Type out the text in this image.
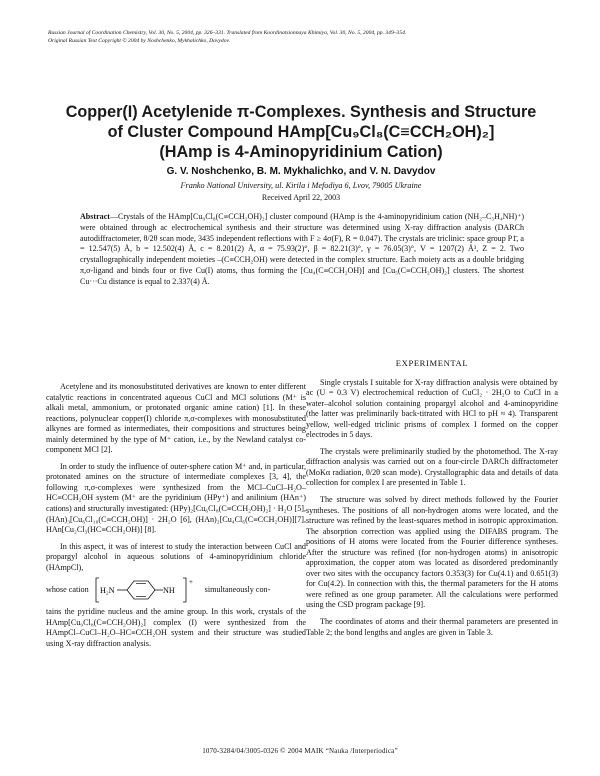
Russian Journal of Coordination Chemistry, Vol. 30, No. 5, 2004, pp. 326–331. Translated from Koordinatsionnaya Khimiya, Vol. 30, No. 5, 2004, pp. 349–354.
Original Russian Text Copyright © 2004 by Noshchenko, Mykhalichko, Davydov.
Copper(I) Acetylenide π-Complexes. Synthesis and Structure
of Cluster Compound HAmp[Cu₉Cl₈(C≡CCH₂OH)₂]
(HAmp is 4-Aminopyridinium Cation)
G. V. Noshchenko, B. M. Mykhalichko, and V. N. Davydov
Franko National University, ul. Kirila i Mefodiya 6, Lvov, 79005 Ukraine
Received April 22, 2003
Abstract—Crystals of the HAmp[Cu₉Cl₈(C≡CCH₂OH)₂] cluster compound (HAmp is the 4-aminopyridinium cation (NH₂–C₅H₄NH)⁺) were obtained through ac electrochemical synthesis and their structure was determined using X-ray diffraction analysis (DARCh autodiffractometer, θ/2θ scan mode, 3435 independent reflections with F ≥ 4σ(F), R = 0.047). The crystals are triclinic: space group P1̄, a = 12.547(5) Å, b = 12.502(4) Å, c = 8.201(2) Å, α = 75.93(2)°, β = 82.21(3)°, γ = 76.05(3)°, V = 1207(2) Å³, Z = 2. Two crystallographically independent moieties –(C≡CCH₂OH) were detected in the complex structure. Each moiety acts as a double bridging π,σ-ligand and binds four or five Cu(I) atoms, thus forming the [Cu₄(C≡CCH₂OH)] and [Cu₅(C≡CCH₂OH)₂] clusters. The shortest Cu···Cu distance is equal to 2.337(4) Å.

Acetylene and its monosubstituted derivatives are known to enter different catalytic reactions in concentrated aqueous CuCl and MCl solutions (M⁺ is alkali metal, ammonium, or protonated organic amine cation) [1]. In these reactions, polynuclear copper(I) chloride π,σ-complexes with monosubstituted alkynes are formed as intermediates, their compositions and structures being mainly determined by the type of M⁺ cation, i.e., by the Newland catalyst co-component MCl [2].

In order to study the influence of outer-sphere cation M⁺ and, in particular, protonated amines on the structure of intermediate complexes [3, 4], the following π,σ-complexes were synthesized from the MCl–CuCl–H₂O–HC≡CCH₂OH system (M⁺ are the pyridinium (HPy⁺) and anilinium (HAn⁺) cations) and structurally investigated: (HPy)₂[Cu₆Cl₈(C≡CCH₂OH)₂] · H₂O [5], (HAn)₃[Cu₆Cl₁₀(C≡CCH₂OH)] · 2H₂O [6], (HAn)₂[Cu₄Cl₆(C≡CCH₂OH)][7], HAn[Cu₂Cl₃(HC≡CCH₂OH)] [8].

In this aspect, it was of interest to study the interaction between CuCl and propargyl alcohol in aqueous solutions of 4-aminopyridinium chloride (HAmpCl),

whose cation H₂N	NH
+
simultaneously con-

tains the pyridine nucleus and the amine group. In this work, crystals of the HAmp[Cu₉Cl₈(C≡CCH₂OH)₂] complex (I) were synthesized from the HAmpCl–CuCl–H₂O–HC≡CCH₂OH system and their structure was studied using X-ray diffraction analysis.

EXPERIMENTAL

Single crystals I suitable for X-ray diffraction analysis were obtained by ac (U = 0.3 V) electrochemical reduction of CuCl₂ · 2H₂O to CuCl in a water–alcohol solution containing propargyl alcohol and 4-aminopyridine (the latter was preliminarily back-titrated with HCl to pH ≈ 4). Transparent yellow, well-edged triclinic prisms of complex I formed on the copper electrodes in 5 days.

The crystals were preliminarily studied by the photomethod. The X-ray diffraction analysis was carried out on a four-circle DARCh diffractometer (MoKα radiation, θ/2θ scan mode). Crystallographic data and details of data collection for complex I are presented in Table 1.

The structure was solved by direct methods followed by the Fourier syntheses. The positions of all non-hydrogen atoms were located, and the structure was refined by the least-squares method in isotropic approximation. The absorption correction was applied using the DIFABS program. The positions of H atoms were located from the Fourier difference syntheses. After the structure was refined (for non-hydrogen atoms) in anisotropic approximation, the copper atom was located as disordered predominantly over two sites with the occupancy factors 0.353(3) for Cu(4.1) and 0.651(3) for Cu(4.2). In connection with this, the thermal parameters for the H atoms were refined as one group parameter. All the calculations were performed using the CSD program package [9].

The coordinates of atoms and their thermal parameters are presented in Table 2; the bond lengths and angles are given in Table 3.

1070-3284/04/3005-0326 © 2004 MAIK “Nauka /Interperiodica”
